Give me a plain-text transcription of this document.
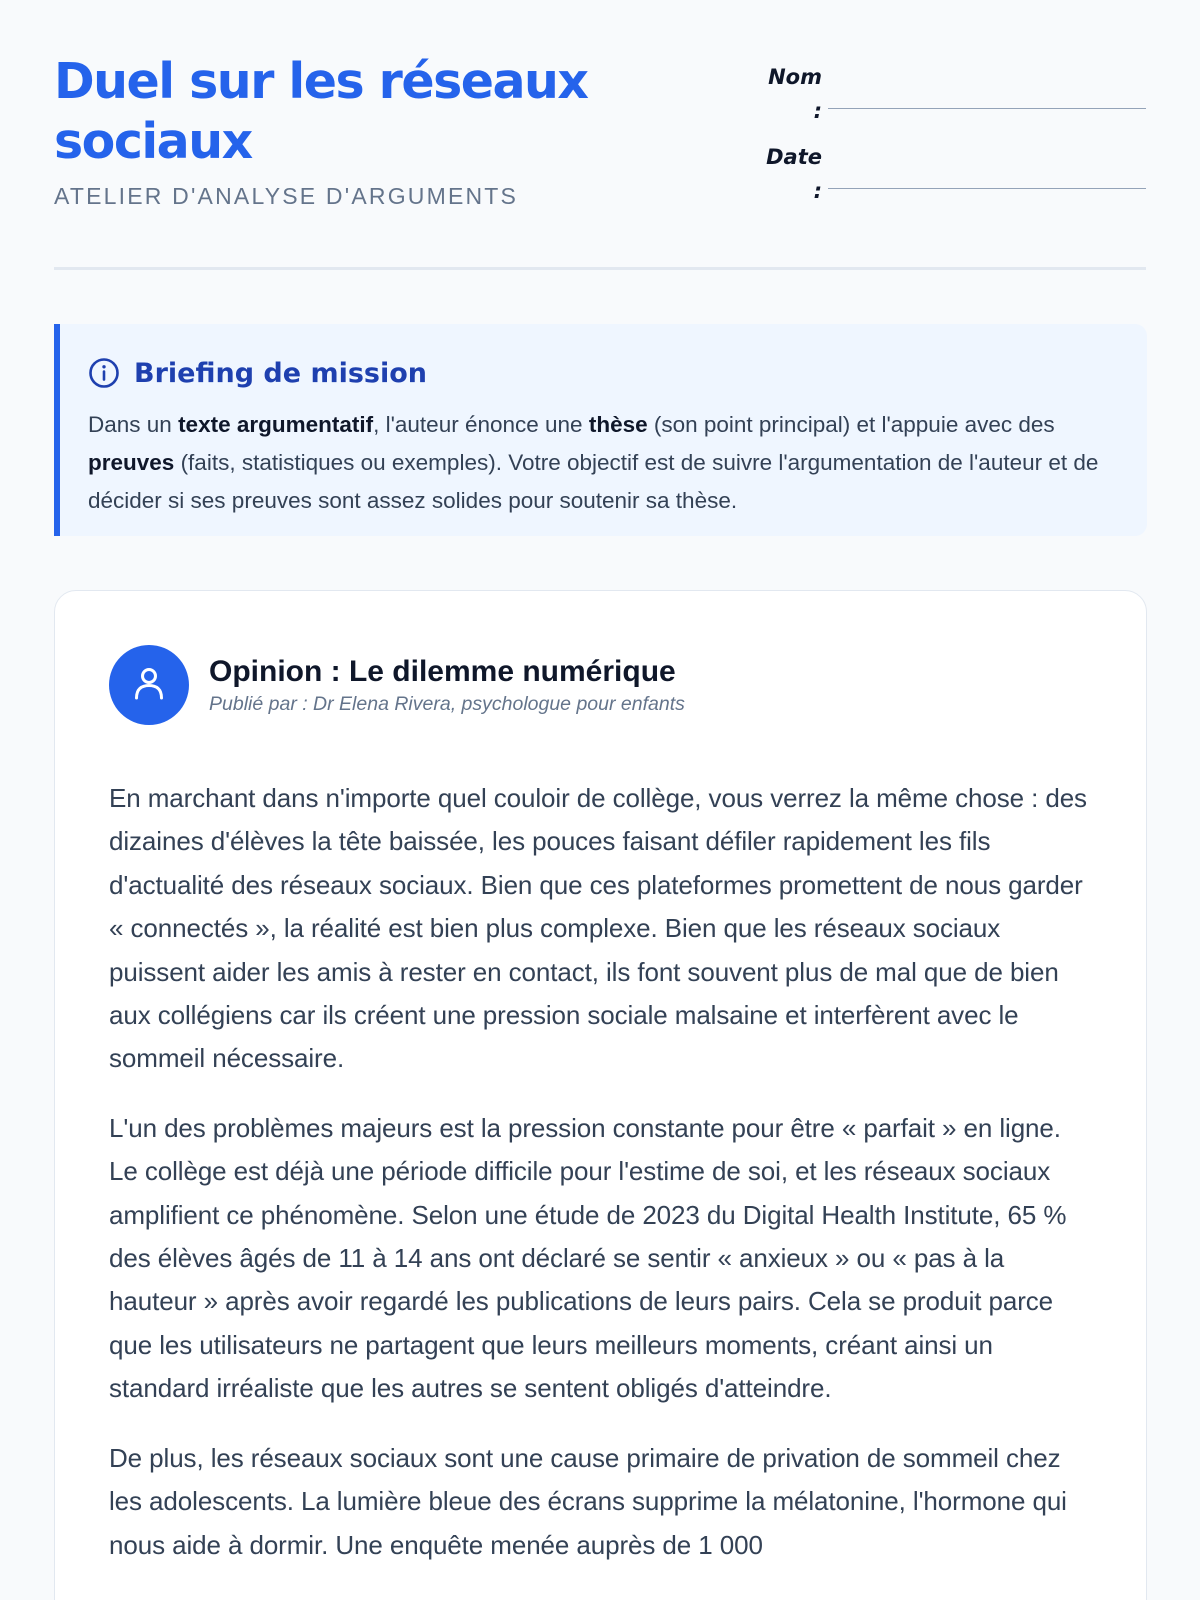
Duel sur les réseaux sociaux
ATELIER D'ANALYSE D'ARGUMENTS
Nom :
Date :
Briefing de mission

Dans un texte argumentatif, l'auteur énonce une thèse (son point principal) et l'appuie avec des preuves (faits, statistiques ou exemples). Votre objectif est de suivre l'argumentation de l'auteur et de décider si ses preuves sont assez solides pour soutenir sa thèse.

Opinion : Le dilemme numérique
Publié par : Dr Elena Rivera, psychologue pour enfants

En marchant dans n'importe quel couloir de collège, vous verrez la même chose : des dizaines d'élèves la tête baissée, les pouces faisant défiler rapidement les fils d'actualité des réseaux sociaux. Bien que ces plateformes promettent de nous garder « connectés », la réalité est bien plus complexe. Bien que les réseaux sociaux puissent aider les amis à rester en contact, ils font souvent plus de mal que de bien aux collégiens car ils créent une pression sociale malsaine et interfèrent avec le sommeil nécessaire.

L'un des problèmes majeurs est la pression constante pour être « parfait » en ligne. Le collège est déjà une période difficile pour l'estime de soi, et les réseaux sociaux amplifient ce phénomène. Selon une étude de 2023 du Digital Health Institute, 65 % des élèves âgés de 11 à 14 ans ont déclaré se sentir « anxieux » ou « pas à la hauteur » après avoir regardé les publications de leurs pairs. Cela se produit parce que les utilisateurs ne partagent que leurs meilleurs moments, créant ainsi un standard irréaliste que les autres se sentent obligés d'atteindre.

De plus, les réseaux sociaux sont une cause primaire de privation de sommeil chez les adolescents. La lumière bleue des écrans supprime la mélatonine, l'hormone qui nous aide à dormir. Une enquête menée auprès de 1 000
